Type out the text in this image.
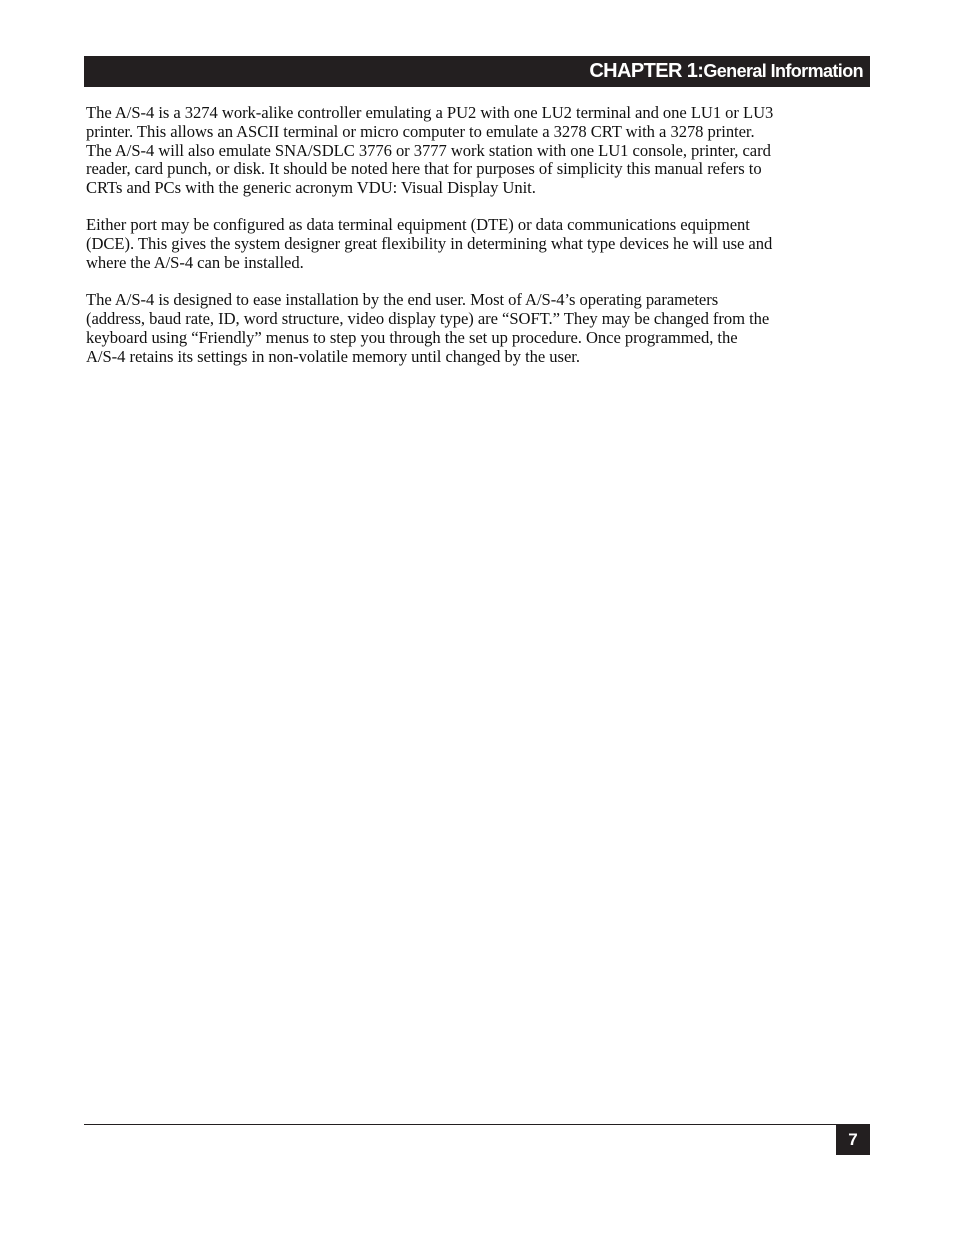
CHAPTER 1: General Information

The A/S-4 is a 3274 work-alike controller emulating a PU2 with one LU2 terminal and one LU1 or LU3
printer. This allows an ASCII terminal or micro computer to emulate a 3278 CRT with a 3278 printer.
The A/S-4 will also emulate SNA/SDLC 3776 or 3777 work station with one LU1 console, printer, card
reader, card punch, or disk. It should be noted here that for purposes of simplicity this manual refers to
CRTs and PCs with the generic acronym VDU: Visual Display Unit.

Either port may be configured as data terminal equipment (DTE) or data communications equipment
(DCE). This gives the system designer great flexibility in determining what type devices he will use and
where the A/S-4 can be installed.

The A/S-4 is designed to ease installation by the end user. Most of A/S-4’s operating parameters
(address, baud rate, ID, word structure, video display type) are “SOFT.” They may be changed from the
keyboard using “Friendly” menus to step you through the set up procedure. Once programmed, the
A/S-4 retains its settings in non-volatile memory until changed by the user.

7
